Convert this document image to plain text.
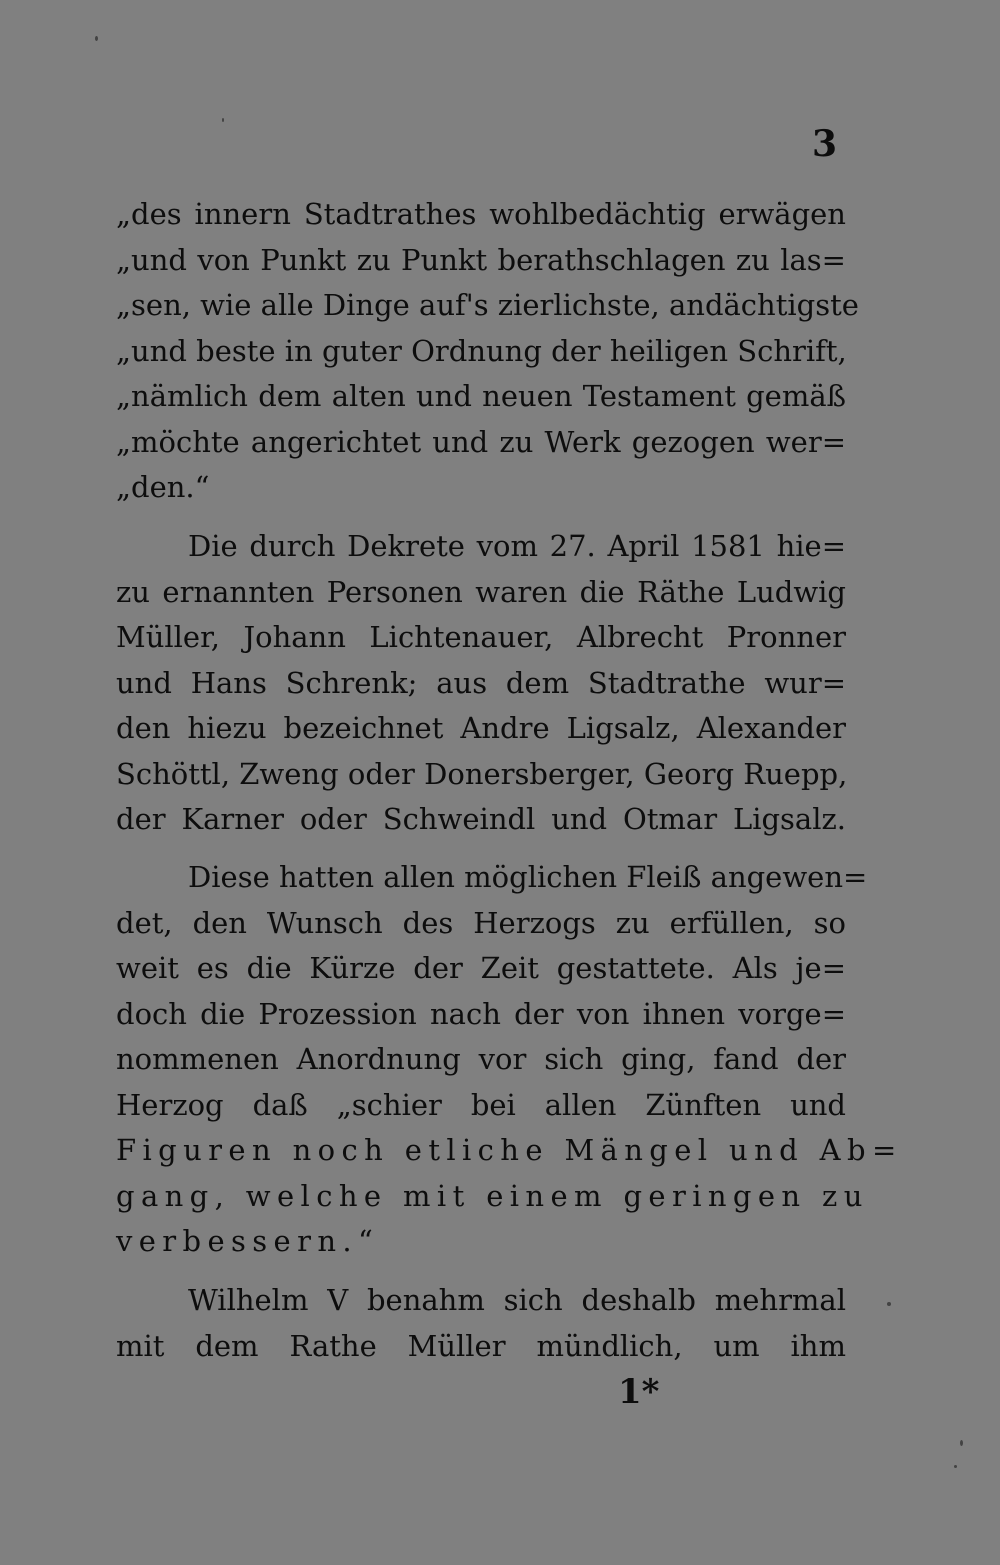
3
„des innern Stadtrathes wohlbedächtig erwägen
„und von Punkt zu Punkt berathschlagen zu las=
„sen, wie alle Dinge auf's zierlichste, andächtigste
„und beste in guter Ordnung der heiligen Schrift,
„nämlich dem alten und neuen Testament gemäß
„möchte angerichtet und zu Werk gezogen wer=
„den.“
Die durch Dekrete vom 27. April 1581 hie=
zu ernannten Personen waren die Räthe Ludwig
Müller, Johann Lichtenauer, Albrecht Pronner
und Hans Schrenk; aus dem Stadtrathe wur=
den hiezu bezeichnet Andre Ligsalz, Alexander
Schöttl, Zweng oder Donersberger, Georg Ruepp,
der Karner oder Schweindl und Otmar Ligsalz.
Diese hatten allen möglichen Fleiß angewen=
det, den Wunsch des Herzogs zu erfüllen, so
weit es die Kürze der Zeit gestattete. Als je=
doch die Prozession nach der von ihnen vorge=
nommenen Anordnung vor sich ging, fand der
Herzog daß „schier bei allen Zünften und
Figuren noch etliche Mängel und Ab=
gang, welche mit einem geringen zu
verbessern.“
Wilhelm V benahm sich deshalb mehrmal
mit dem Rathe Müller mündlich, um ihm
1*
